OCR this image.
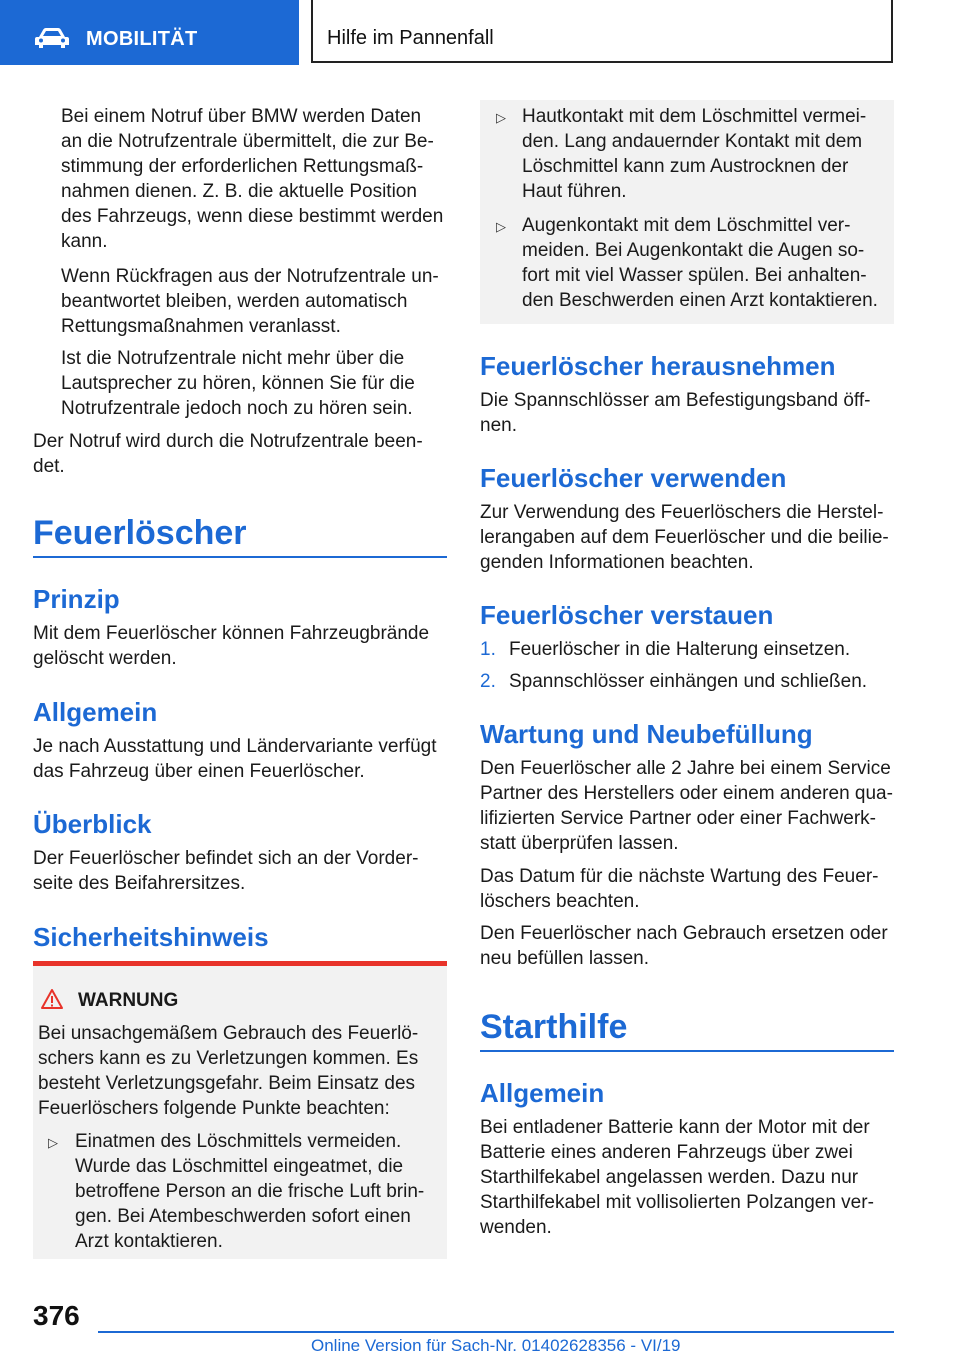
MOBILITÄT	Hilfe im Pannenfall
Bei einem Notruf über BMW werden Daten
an die Notrufzentrale übermittelt, die zur Be-
stimmung der erforderlichen Rettungsmaß-
nahmen dienen. Z. B. die aktuelle Position
des Fahrzeugs, wenn diese bestimmt werden
kann.
Wenn Rückfragen aus der Notrufzentrale un-
beantwortet bleiben, werden automatisch
Rettungsmaßnahmen veranlasst.
Ist die Notrufzentrale nicht mehr über die
Lautsprecher zu hören, können Sie für die
Notrufzentrale jedoch noch zu hören sein.
Der Notruf wird durch die Notrufzentrale been-
det.
Feuerlöscher
Prinzip
Mit dem Feuerlöscher können Fahrzeugbrände
gelöscht werden.
Allgemein
Je nach Ausstattung und Ländervariante verfügt
das Fahrzeug über einen Feuerlöscher.
Überblick
Der Feuerlöscher befindet sich an der Vorder-
seite des Beifahrersitzes.
Sicherheitshinweis
WARNUNG
Bei unsachgemäßem Gebrauch des Feuerlö-
schers kann es zu Verletzungen kommen. Es
besteht Verletzungsgefahr. Beim Einsatz des
Feuerlöschers folgende Punkte beachten:
▷ Einatmen des Löschmittels vermeiden.
Wurde das Löschmittel eingeatmet, die
betroffene Person an die frische Luft brin-
gen. Bei Atembeschwerden sofort einen
Arzt kontaktieren.
▷ Hautkontakt mit dem Löschmittel vermei-
den. Lang andauernder Kontakt mit dem
Löschmittel kann zum Austrocknen der
Haut führen.
▷ Augenkontakt mit dem Löschmittel ver-
meiden. Bei Augenkontakt die Augen so-
fort mit viel Wasser spülen. Bei anhalten-
den Beschwerden einen Arzt kontaktieren.
Feuerlöscher herausnehmen
Die Spannschlösser am Befestigungsband öff-
nen.
Feuerlöscher verwenden
Zur Verwendung des Feuerlöschers die Herstel-
lerangaben auf dem Feuerlöscher und die beilie-
genden Informationen beachten.
Feuerlöscher verstauen
1. Feuerlöscher in die Halterung einsetzen.
2. Spannschlösser einhängen und schließen.
Wartung und Neubefüllung
Den Feuerlöscher alle 2 Jahre bei einem Service
Partner des Herstellers oder einem anderen qua-
lifizierten Service Partner oder einer Fachwerk-
statt überprüfen lassen.
Das Datum für die nächste Wartung des Feuer-
löschers beachten.
Den Feuerlöscher nach Gebrauch ersetzen oder
neu befüllen lassen.
Starthilfe
Allgemein
Bei entladener Batterie kann der Motor mit der
Batterie eines anderen Fahrzeugs über zwei
Starthilfekabel angelassen werden. Dazu nur
Starthilfekabel mit vollisolierten Polzangen ver-
wenden.
376
Online Version für Sach-Nr. 01402628356 - VI/19
